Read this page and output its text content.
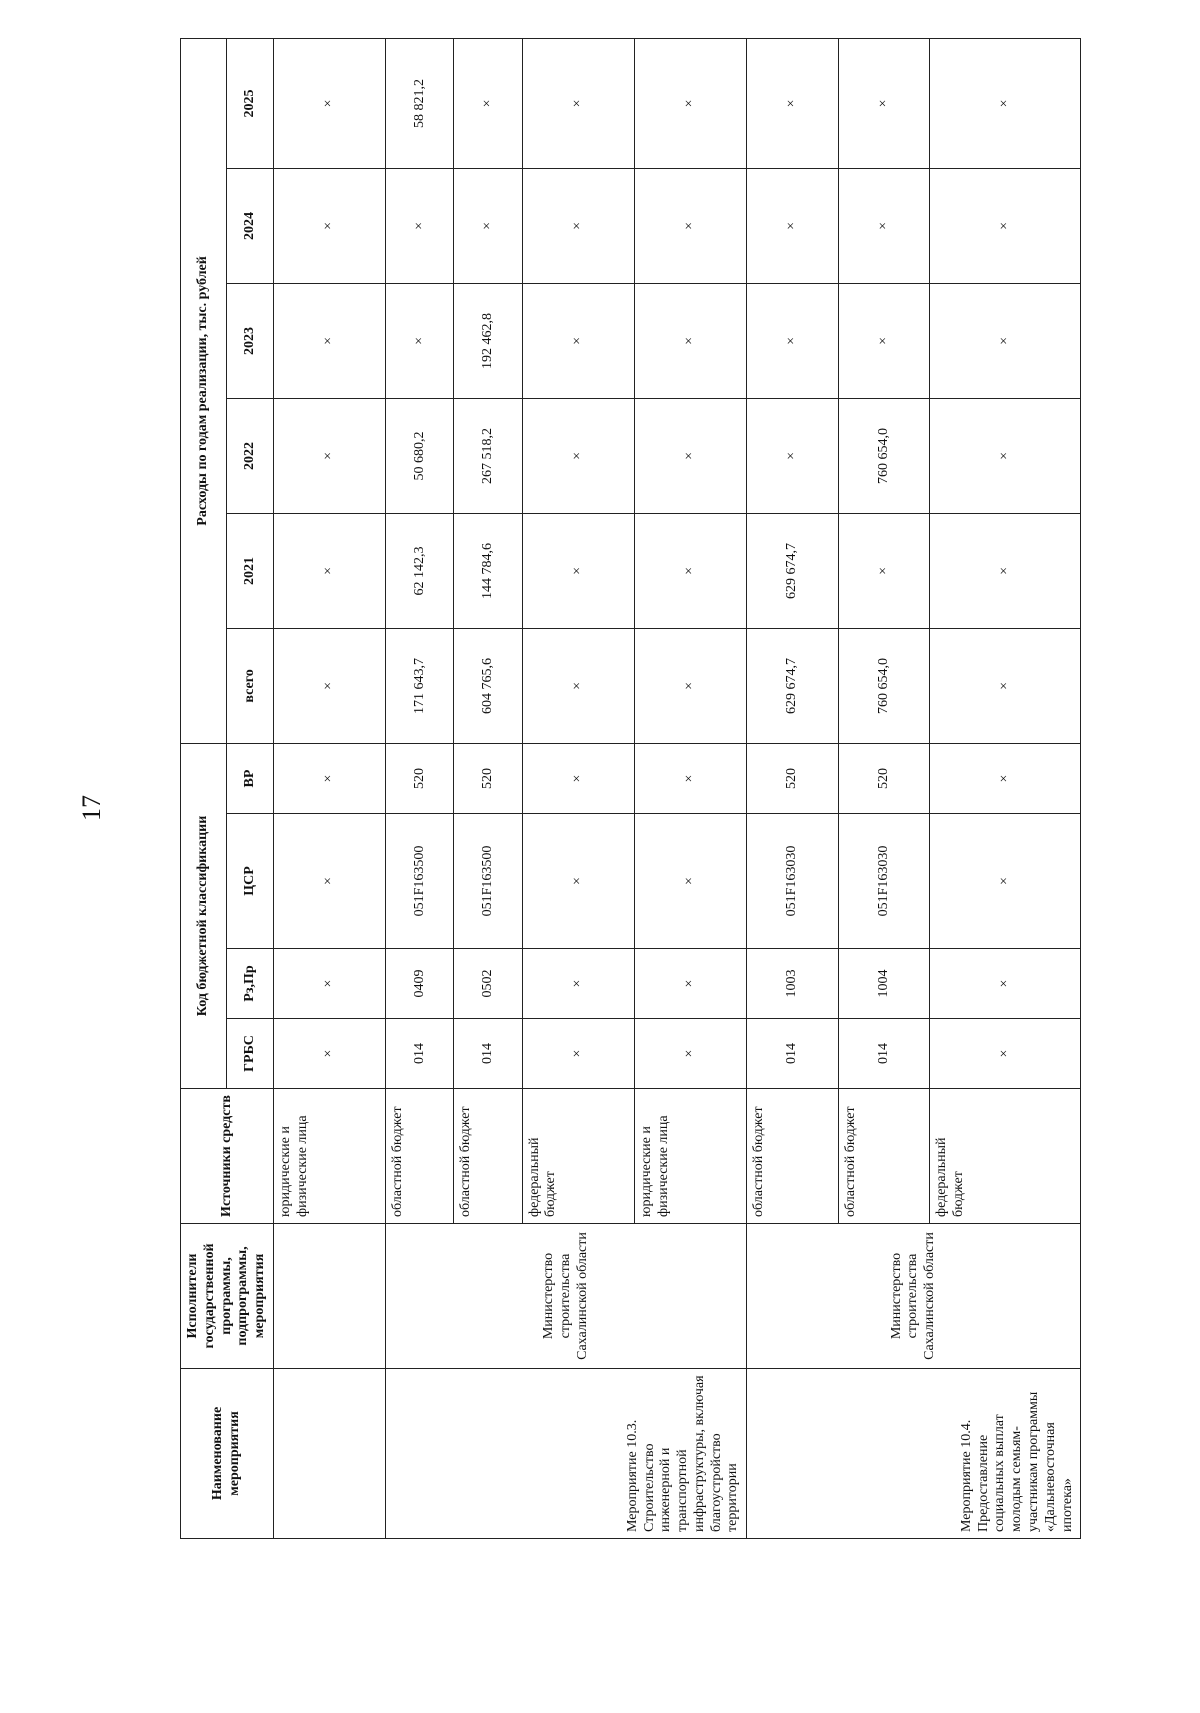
17
Наименование мероприятия	Исполнители государственной программы, подпрограммы, мероприятия	Источники средств	Код бюджетной классификации				Расходы по годам реализации, тыс. рублей					
			ГРБС	Рз,Пр	ЦСР	ВР	всего	2021	2022	2023	2024	2025
		юридические и физические лица	×	×	×	×	×	×	×	×	×	×
Мероприятие 10.3. Строительство инженерной и транспортной инфраструктуры, включая благоустройство территории	Министерство строительства Сахалинской области	областной бюджет	014	0409	051F163500	520	171 643,7	62 142,3	50 680,2	×	×	58 821,2
		областной бюджет	014	0502	051F163500	520	604 765,6	144 784,6	267 518,2	192 462,8	×	×
		федеральный бюджет	×	×	×	×	×	×	×	×	×	×
		юридические и физические лица	×	×	×	×	×	×	×	×	×	×
Мероприятие 10.4. Предоставление социальных выплат молодым семьям-участникам программы «Дальневосточная ипотека»	Министерство строительства Сахалинской области	областной бюджет	014	1003	051F163030	520	629 674,7	629 674,7	×	×	×	×
		областной бюджет	014	1004	051F163030	520	760 654,0	×	760 654,0	×	×	×
		федеральный бюджет	×	×	×	×	×	×	×	×	×	×
